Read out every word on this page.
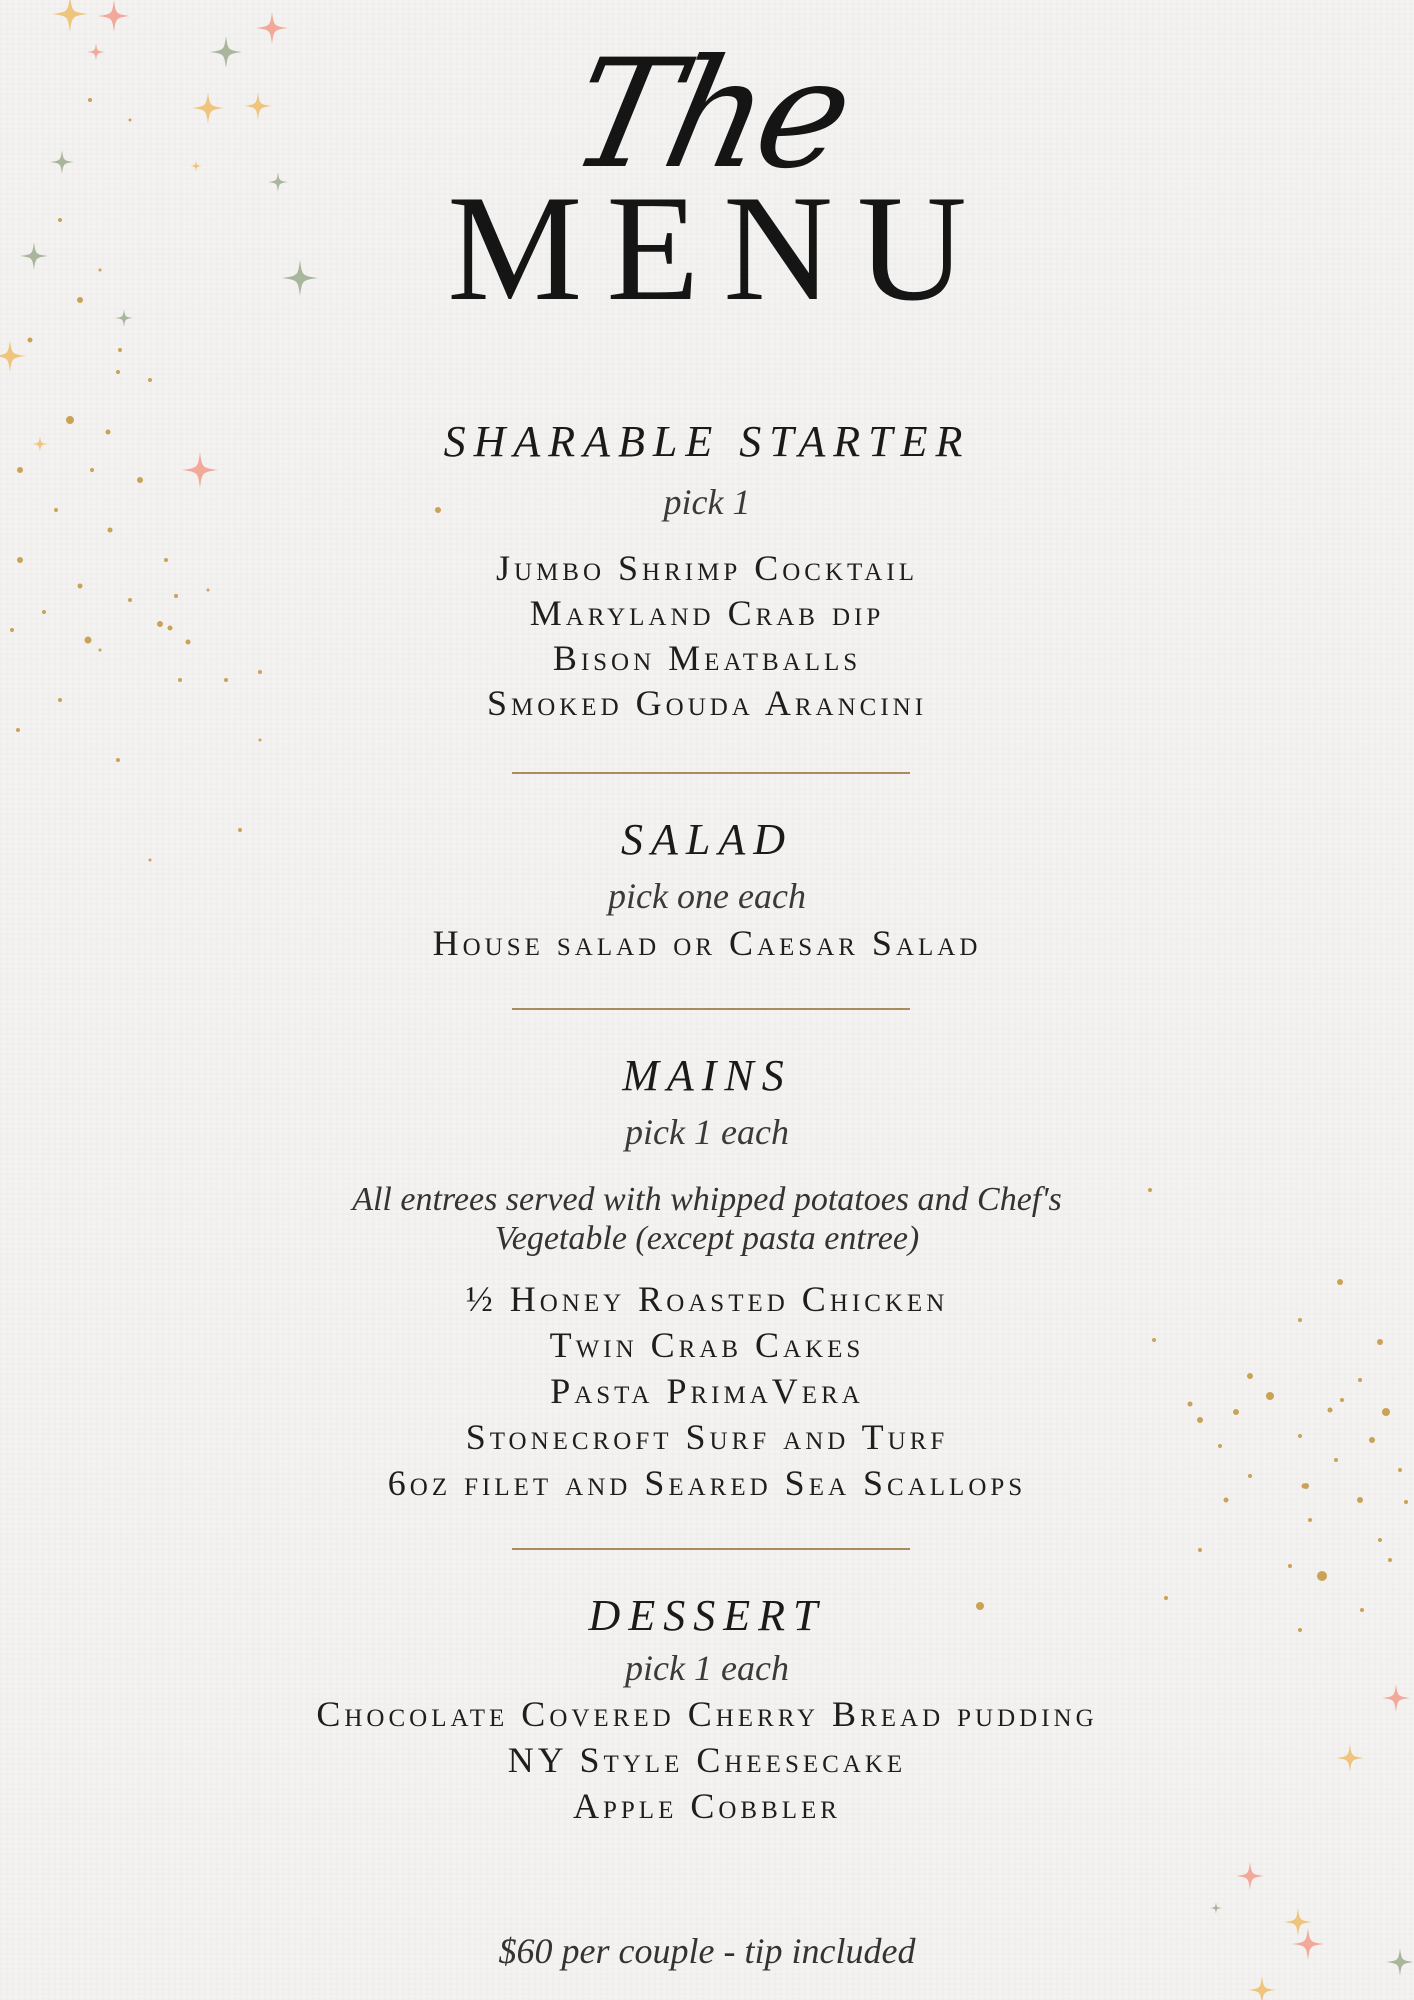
The
MENU
SHARABLE STARTER
pick 1
Jumbo Shrimp Cocktail
Maryland Crab dip
Bison Meatballs
Smoked Gouda Arancini
SALAD
pick one each
House salad or Caesar Salad
MAINS
pick 1 each
All entrees served with whipped potatoes and Chef's
Vegetable (except pasta entree)
½ Honey Roasted Chicken
Twin Crab Cakes
Pasta PrimaVera
Stonecroft Surf and Turf
6oz filet and Seared Sea Scallops
DESSERT
pick 1 each
Chocolate Covered Cherry Bread pudding
NY Style Cheesecake
Apple Cobbler
$60 per couple - tip included
